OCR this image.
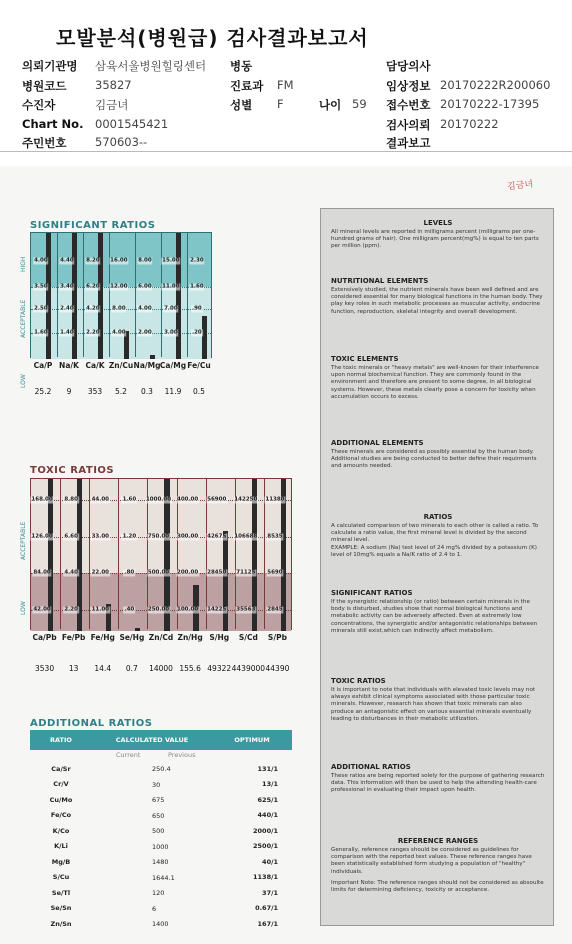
모발분석(병원급) 검사결과보고서
의뢰기관명 삼육서울병원힐링센터
병원코드 35827
수진자	김금녀
Chart No. 0001545421
주민번호 570603--
병동
진료과 FM
성별 F	나이 59
담당의사
임상정보 20170222R200060
접수번호 20170222-17395
검사의뢰 20170222
결과보고
김금녀
SIGNIFICANT RATIOS
Ca/P
25.2
Na/K
9
Ca/K
353
Zn/Cu
5.2
Na/Mg
0.3
Ca/Mg
11.9
Fe/Cu
0.5
4.00
3.50
2.50
1.60
4.40
3.40
2.40
1.40
8.20
6.20
4.20
2.20
16.00
12.00
8.00
4.00
8.00
6.00
4.00
2.00
15.00
11.00
7.00
3.00
2.30
1.60
.90
.20
HIGH
ACCEPTABLE
LOW
TOXIC RATIOS
Ca/Pb
3530
Fe/Pb
13
Fe/Hg
14.4
Se/Hg
0.7
Zn/Cd
14000
Zn/Hg
155.6
S/Hg
49322
S/Cd
4439000
S/Pb
44390
168.00
126.00
84.00
42.00
8.80
6.60
4.40
2.20
44.00
33.00
22.00
11.00
1.60
1.20
.80
.40
1000.00
750.00
500.00
250.00
400.00
300.00
200.00
100.00
56900
42675
28450
14225
142250
106688
71125
35563
11380
8535
5690
2845
ACCEPTABLE
LOW
ADDITIONAL RATIOS
RATIO	CALCULATED VALUE	OPTIMUM

	Current Previous	

Ca/Sr	250.4	131/1
Cr/V	30	13/1
Cu/Mo	675	625/1
Fe/Co	650	440/1
K/Co	500	2000/1
K/Li	1000	2500/1
Mg/B	1480	40/1
S/Cu	1644.1	1138/1
Se/Tl	120	37/1
Se/Sn	6	0.67/1
Zn/Sn	1400	167/1
LEVELS

All mineral levels are reported in milligrams percent (milligrams per one-hundred grams of hair). One milligram percent(mg%) is equal to ten parts per million (ppm).

NUTRITIONAL ELEMENTS

Extensively studied, the nutrient minerals have been well defined and are considered essential for many biological functions in the human body. They play key roles in such metabolic processes as muscular activity, endocrine function, reproduction, skeletal integrity and overall development.

TOXIC ELEMENTS

The toxic minerals or "heavy metals" are well-known for their interference upon normal biochemical function. They are commonly found in the environment and therefore are present to some degree, in all biological systems. However, these metals clearly pose a concern for toxicity when accumulation occurs to excess.

ADDITIONAL ELEMENTS

These minerals are considered as possibly essential by the human body. Additional studies are being conducted to better define their requirments and amounts needed.

RATIOS

A calculated comparison of two minerals to each other is called a ratio. To calculate a ratio value, the first mineral level is divided by the second mineral level.

EXAMPLE: A sodium (Na) test level of 24 mg% divided by a potassium (K) level of 10mg% equals a Na/K ratio of 2.4 to 1.

SIGNIFICANT RATIOS

If the synergistic relationship (or ratio) between certain minerals in the body is disturbed, studies show that normal biological functions and metabolic activity can be adversely affected. Even at extremely low concentrations, the synergistic and/or antagonistic relationships between minerals still exist,which can indirectly affect metabolism.

TOXIC RATIOS

It is important to note that individuals with elevated toxic levels may not always exhibit clinical symptoms associated with those particular toxic minerals. However, research has shown that toxic minerals can also produce an antagonistic effect on various essential minerals eventually leading to disturbances in their metabolic utilization.

ADDITIONAL RATIOS

These ratios are being reported solely for the purpose of gathering research data. This information will then be used to help the attending health-care professional in evaluating their impact upon health.

REFERENCE RANGES

Generally, reference ranges should be considered as guidelines for comparison with the reported test values. These reference ranges have been statistically established form studying a population of "healthy" individuals.

Important Note: The reference ranges should not be considered as absoulte limits for determining deficiency, toxicity or acceptance.
